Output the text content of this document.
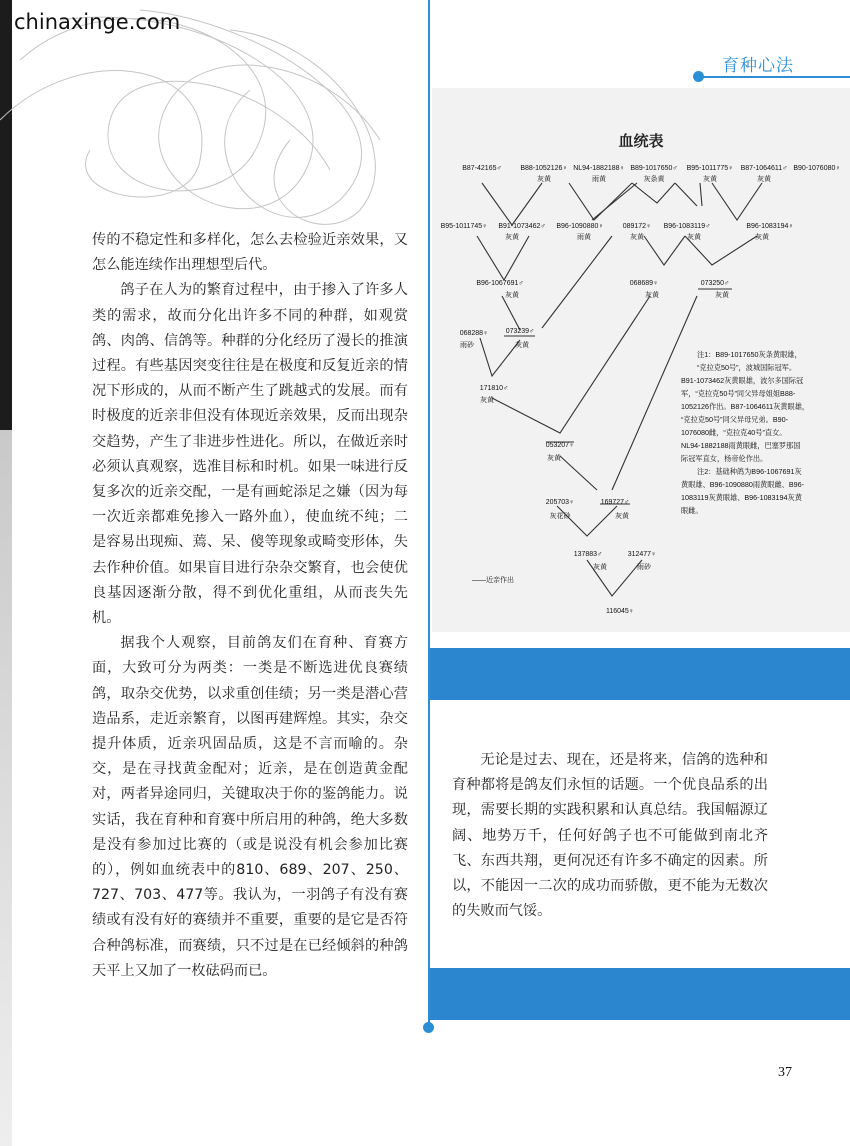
chinaxinge.com
育种心法
血统表
B87-42165♂	B88-1052126♀
灰黄
NL94-1882188♀
雨黄
B89-1017650♂
灰条黄
B95-1011775♀
灰黄
B87-1064611♂
灰黄
B90-1076080♀
B95-1011745♀ B91-1073462♂
灰黄
B96-1090880♀
雨黄
089172♀
灰黄
B96-1083119♂
灰黄
B96-1083194♀
灰黄
B96-1067691♂
灰黄
068689♀
灰黄
073250♂
灰黄
068288♀
雨砂
073239♂
灰黄
171810♂
灰黄
053207♀
灰黄
205703♀
灰花砂
169727♂
灰黄
137883♂
灰黄
312477♀
雨砂
——近亲作出
116045♀
注1：B89-1017650灰条黄眼雄，
“克拉克50号”，波城国际冠军。
B91-1073462灰黄眼雄，波尔多国际冠
军，“克拉克50号”同父异母姐姐B88-
1052126作出。B87-1064611灰黄眼雄，
“克拉克50号”同父异母兄弟。B90-
1076080雌，“克拉克40号”直女。
NL94-1882188雨黄眼雌，巴塞罗那国
际冠军直女，杨帝伦作出。
注2：基础种鸽为B96-1067691灰
黄眼雄、B96-1090880雨黄眼雌、B96-
1083119灰黄眼雄、B96-1083194灰黄
眼雌。

传的不稳定性和多样化，怎么去检验近亲效果，又怎么能连续作出理想型后代。

鸽子在人为的繁育过程中，由于掺入了许多人类的需求，故而分化出许多不同的种群，如观赏鸽、肉鸽、信鸽等。种群的分化经历了漫长的推演过程。有些基因突变往往是在极度和反复近亲的情况下形成的，从而不断产生了跳越式的发展。而有时极度的近亲非但没有体现近亲效果，反而出现杂交趋势，产生了非进步性进化。所以，在做近亲时必须认真观察，选准目标和时机。如果一味进行反复多次的近亲交配，一是有画蛇添足之嫌（因为每一次近亲都难免掺入一路外血），使血统不纯；二是容易出现痴、蔫、呆、傻等现象或畸变形体，失去作种价值。如果盲目进行杂杂交繁育，也会使优良基因逐渐分散，得不到优化重组，从而丧失先机。

据我个人观察，目前鸽友们在育种、育赛方面，大致可分为两类：一类是不断选进优良赛绩鸽，取杂交优势，以求重创佳绩；另一类是潜心营造品系，走近亲繁育，以图再建辉煌。其实，杂交提升体质，近亲巩固品质，这是不言而喻的。杂交，是在寻找黄金配对；近亲，是在创造黄金配对，两者异途同归，关键取决于你的鉴鸽能力。说实话，我在育种和育赛中所启用的种鸽，绝大多数是没有参加过比赛的（或是说没有机会参加比赛的），例如血统表中的810、689、207、250、727、703、477等。我认为，一羽鸽子有没有赛绩或有没有好的赛绩并不重要，重要的是它是否符合种鸽标准，而赛绩，只不过是在已经倾斜的种鸽天平上又加了一枚砝码而已。

无论是过去、现在，还是将来，信鸽的选种和育种都将是鸽友们永恒的话题。一个优良品系的出现，需要长期的实践积累和认真总结。我国幅源辽阔、地势万千，任何好鸽子也不可能做到南北齐飞、东西共翔，更何况还有许多不确定的因素。所以，不能因一二次的成功而骄傲，更不能为无数次的失败而气馁。

37
